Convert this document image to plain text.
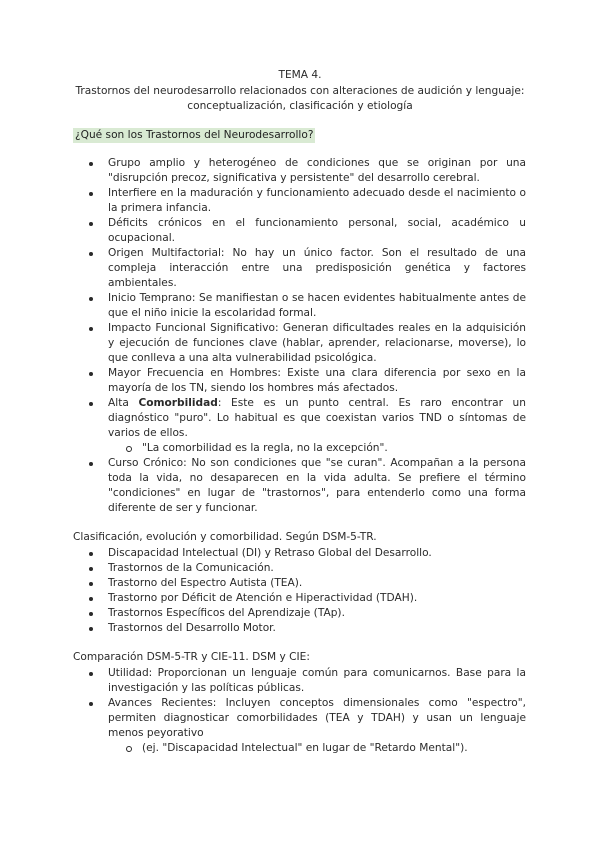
TEMA 4.
Trastornos del neurodesarrollo relacionados con alteraciones de audición y lenguaje: conceptualización, clasificación y etiología
¿Qué son los Trastornos del Neurodesarrollo?
Grupo amplio y heterogéneo de condiciones que se originan por una "disrupción precoz, significativa y persistente" del desarrollo cerebral.
Interfiere en la maduración y funcionamiento adecuado desde el nacimiento o la primera infancia.
Déficits crónicos en el funcionamiento personal, social, académico u ocupacional.
Origen Multifactorial: No hay un único factor. Son el resultado de una compleja interacción entre una predisposición genética y factores ambientales.
Inicio Temprano: Se manifiestan o se hacen evidentes habitualmente antes de que el niño inicie la escolaridad formal.
Impacto Funcional Significativo: Generan dificultades reales en la adquisición y ejecución de funciones clave (hablar, aprender, relacionarse, moverse), lo que conlleva a una alta vulnerabilidad psicológica.
Mayor Frecuencia en Hombres: Existe una clara diferencia por sexo en la mayoría de los TN, siendo los hombres más afectados.
Alta Comorbilidad: Este es un punto central. Es raro encontrar un diagnóstico "puro". Lo habitual es que coexistan varios TND o síntomas de varios de ellos.
"La comorbilidad es la regla, no la excepción".
Curso Crónico: No son condiciones que "se curan". Acompañan a la persona toda la vida, no desaparecen en la vida adulta. Se prefiere el término "condiciones" en lugar de "trastornos", para entenderlo como una forma diferente de ser y funcionar.
Clasificación, evolución y comorbilidad. Según DSM-5-TR.
Discapacidad Intelectual (DI) y Retraso Global del Desarrollo.
Trastornos de la Comunicación.
Trastorno del Espectro Autista (TEA).
Trastorno por Déficit de Atención e Hiperactividad (TDAH).
Trastornos Específicos del Aprendizaje (TAp).
Trastornos del Desarrollo Motor.
Comparación DSM-5-TR y CIE-11. DSM y CIE:
Utilidad: Proporcionan un lenguaje común para comunicarnos. Base para la investigación y las políticas públicas.
Avances Recientes: Incluyen conceptos dimensionales como "espectro", permiten diagnosticar comorbilidades (TEA y TDAH) y usan un lenguaje menos peyorativo
(ej. "Discapacidad Intelectual" en lugar de "Retardo Mental").
